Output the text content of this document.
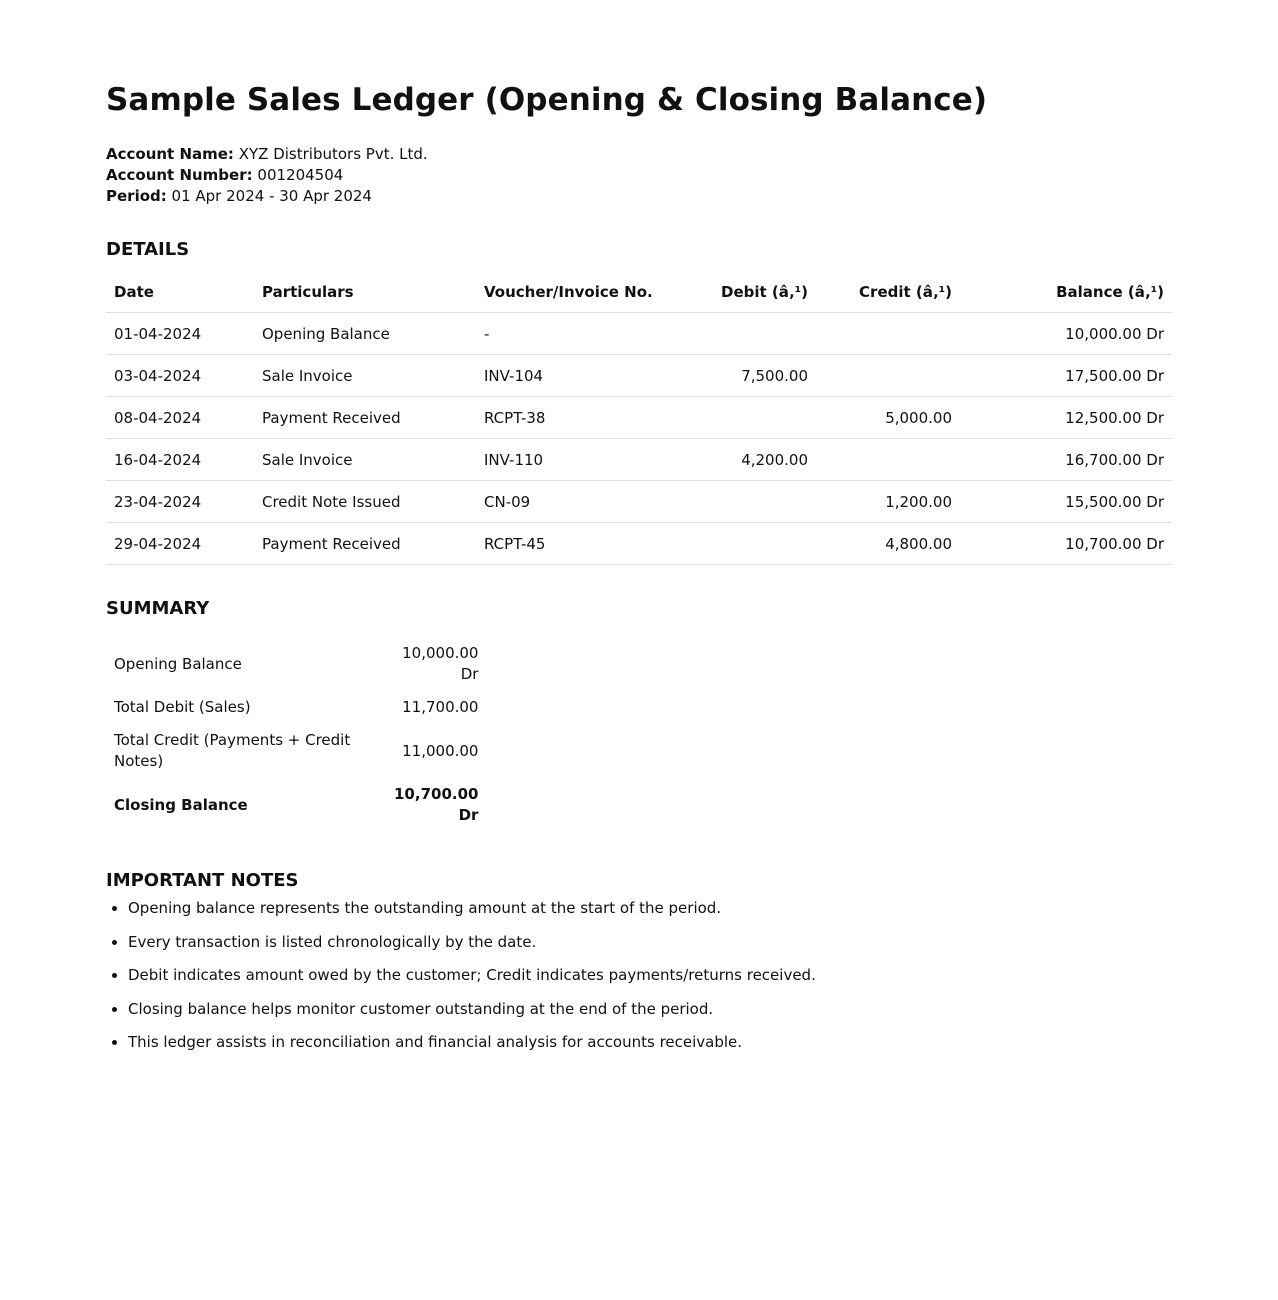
Sample Sales Ledger (Opening & Closing Balance)
Account Name: XYZ Distributors Pvt. Ltd.
Account Number: 001204504
Period: 01 Apr 2024 - 30 Apr 2024
DETAILS
Date	Particulars	Voucher/Invoice No.	Debit (â‚¹)	Credit (â‚¹)	Balance (â‚¹)
01-04-2024	Opening Balance	-			10,000.00 Dr
03-04-2024	Sale Invoice	INV-104	7,500.00		17,500.00 Dr
08-04-2024	Payment Received	RCPT-38		5,000.00	12,500.00 Dr
16-04-2024	Sale Invoice	INV-110	4,200.00		16,700.00 Dr
23-04-2024	Credit Note Issued	CN-09		1,200.00	15,500.00 Dr
29-04-2024	Payment Received	RCPT-45		4,800.00	10,700.00 Dr
SUMMARY
Opening Balance	10,000.00 Dr
Total Debit (Sales)	11,700.00
Total Credit (Payments + Credit Notes)	11,000.00
Closing Balance	10,700.00 Dr
IMPORTANT NOTES
• Opening balance represents the outstanding amount at the start of the period.
• Every transaction is listed chronologically by the date.
• Debit indicates amount owed by the customer; Credit indicates payments/returns received.
• Closing balance helps monitor customer outstanding at the end of the period.
• This ledger assists in reconciliation and financial analysis for accounts receivable.
